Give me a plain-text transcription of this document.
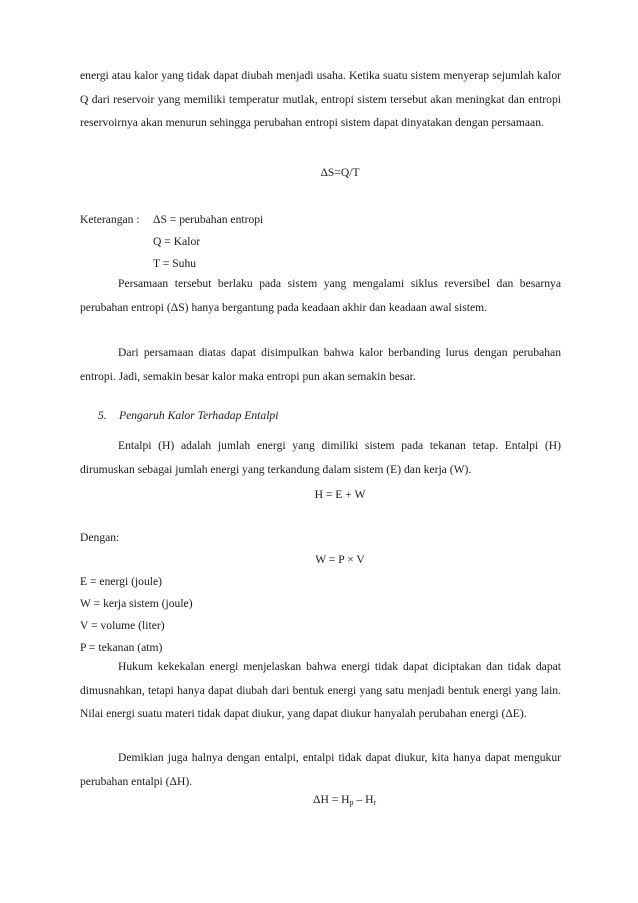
energi atau kalor yang tidak dapat diubah menjadi usaha. Ketika suatu sistem menyerap sejumlah kalor Q dari reservoir yang memiliki temperatur mutlak, entropi sistem tersebut akan meningkat dan entropi reservoirnya akan menurun sehingga perubahan entropi sistem dapat dinyatakan dengan persamaan.

ΔS=Q/T
Keterangan : ΔS = perubahan entropi
Q = Kalor
T = Suhu

Persamaan tersebut berlaku pada sistem yang mengalami siklus reversibel dan besarnya perubahan entropi (ΔS) hanya bergantung pada keadaan akhir dan keadaan awal sistem.

Dari persamaan diatas dapat disimpulkan bahwa kalor berbanding lurus dengan perubahan entropi. Jadi, semakin besar kalor maka entropi pun akan semakin besar.

5. Pengaruh Kalor Terhadap Entalpi

Entalpi (H) adalah jumlah energi yang dimiliki sistem pada tekanan tetap. Entalpi (H) dirumuskan sebagai jumlah energi yang terkandung dalam sistem (E) dan kerja (W).

H = E + W
Dengan:
W = P × V
E = energi (joule)
W = kerja sistem (joule)
V = volume (liter)
P = tekanan (atm)

Hukum kekekalan energi menjelaskan bahwa energi tidak dapat diciptakan dan tidak dapat dimusnahkan, tetapi hanya dapat diubah dari bentuk energi yang satu menjadi bentuk energi yang lain. Nilai energi suatu materi tidak dapat diukur, yang dapat diukur hanyalah perubahan energi (ΔE).

Demikian juga halnya dengan entalpi, entalpi tidak dapat diukur, kita hanya dapat mengukur perubahan entalpi (ΔH).

$\Delta H = H_p - H_r$
